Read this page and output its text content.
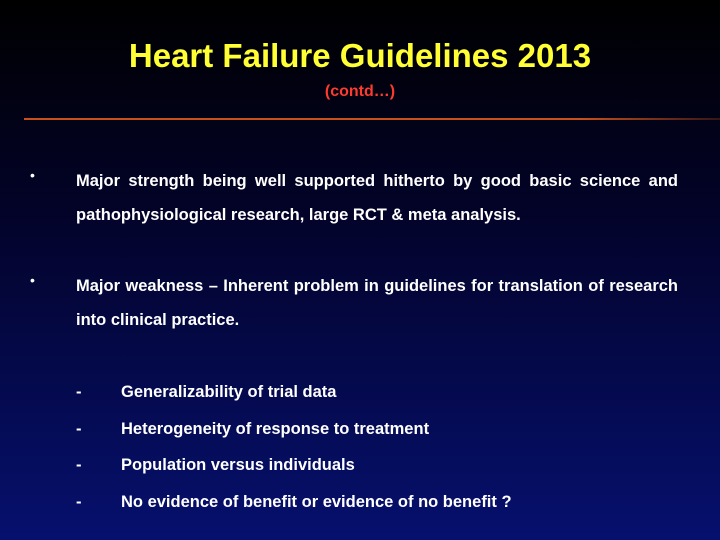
Heart Failure Guidelines 2013
(contd…)
• Major strength being well supported hitherto by good basic science and pathophysiological research, large RCT & meta analysis.

• Major weakness – Inherent problem in guidelines for translation of research into clinical practice.

- Generalizability of trial data
- Heterogeneity of response to treatment
- Population versus individuals
- No evidence of benefit or evidence of no benefit ?
